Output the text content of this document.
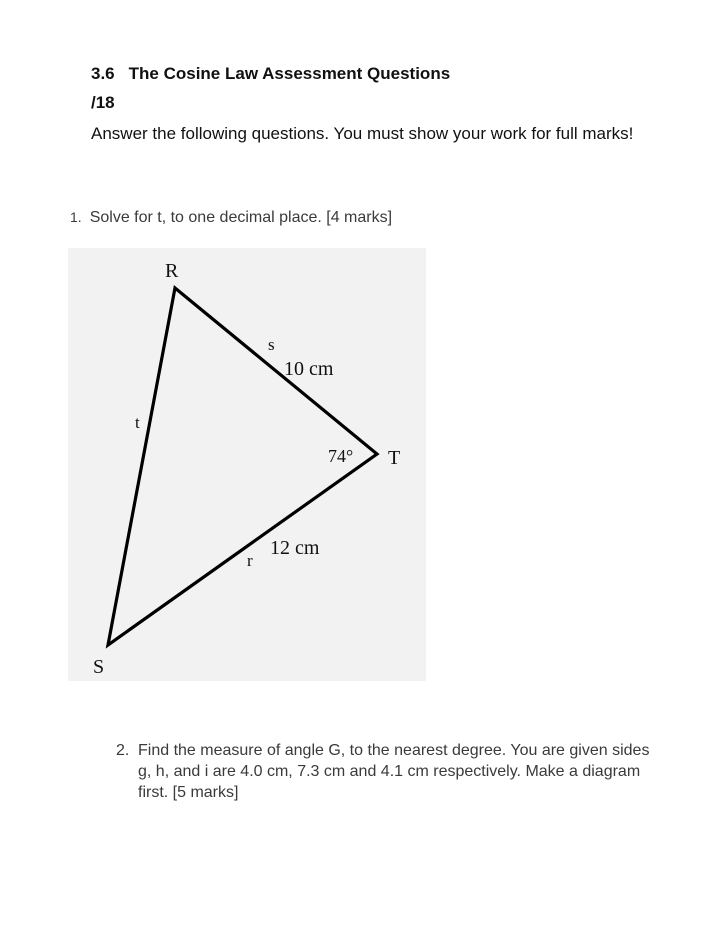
3.6 The Cosine Law Assessment Questions
/18
Answer the following questions. You must show your work for full marks!
1. Solve for t, to one decimal place. [4 marks]
R
T
S
t
s
10 cm
74°
12 cm
r
2. Find the measure of angle G, to the nearest degree. You are given sides g, h, and i are 4.0 cm, 7.3 cm and 4.1 cm respectively. Make a diagram first. [5 marks]
